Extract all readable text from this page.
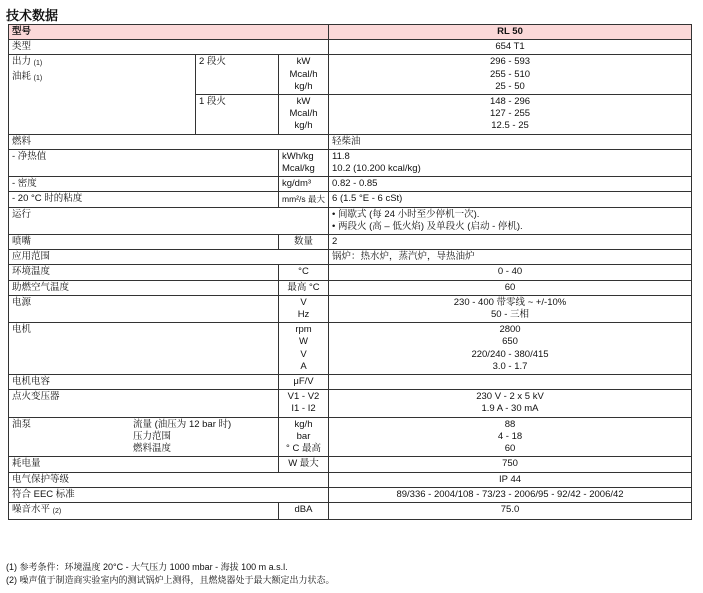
技术数据
型号			RL 50
类型			654 T1

出力 (1)
油耗 (1)	2 段火	kW
Mcal/h
kg/h	296 - 593
255 - 510
25 - 50

	1 段火	kW
Mcal/h
kg/h	148 - 296
127 - 255
12.5 - 25

燃料			轻柴油
- 净热值		kWh/kg
Mcal/kg	11.8
10.2 (10.200 kcal/kg)

- 密度		kg/dm³	0.82 - 0.85
- 20 °C 时的粘度		mm²/s 最大	6 (1.5 °E - 6 cSt)
运行			• 间歇式 (每 24 小时至少停机一次).
• 两段火 (高 – 低火焰) 及单段火 (启动 - 停机).

喷嘴		数量	2
应用范围			锅炉：热水炉，蒸汽炉，导热油炉
环境温度		°C	0 - 40
助燃空气温度		最高 °C	60
电源		V
Hz	230 - 400 带零线 ~ +/-10%
50 - 三相

电机		rpm
W
V
A	2800
650
220/240 - 380/415
3.0 - 1.7

电机电容		μF/V	
点火变压器		V1 - V2
I1 - I2	230 V - 2 x 5 kV
1.9 A - 30 mA

油泵 流量 (油压为 12 bar 时)
压力范围
燃料温度		kg/h
bar
° C 最高	88
4 - 18
60

耗电量		W 最大	750
电气保护等级			IP 44
符合 EEC 标准			89/336 - 2004/108 - 73/23 - 2006/95 - 92/42 - 2006/42
噪音水平 (2)		dBA	75.0
(1) 参考条件：环境温度 20°C - 大气压力 1000 mbar - 海拔 100 m a.s.l.
(2) 噪声值于制造商实验室内的测试锅炉上测得，且燃烧器处于最大额定出力状态。
